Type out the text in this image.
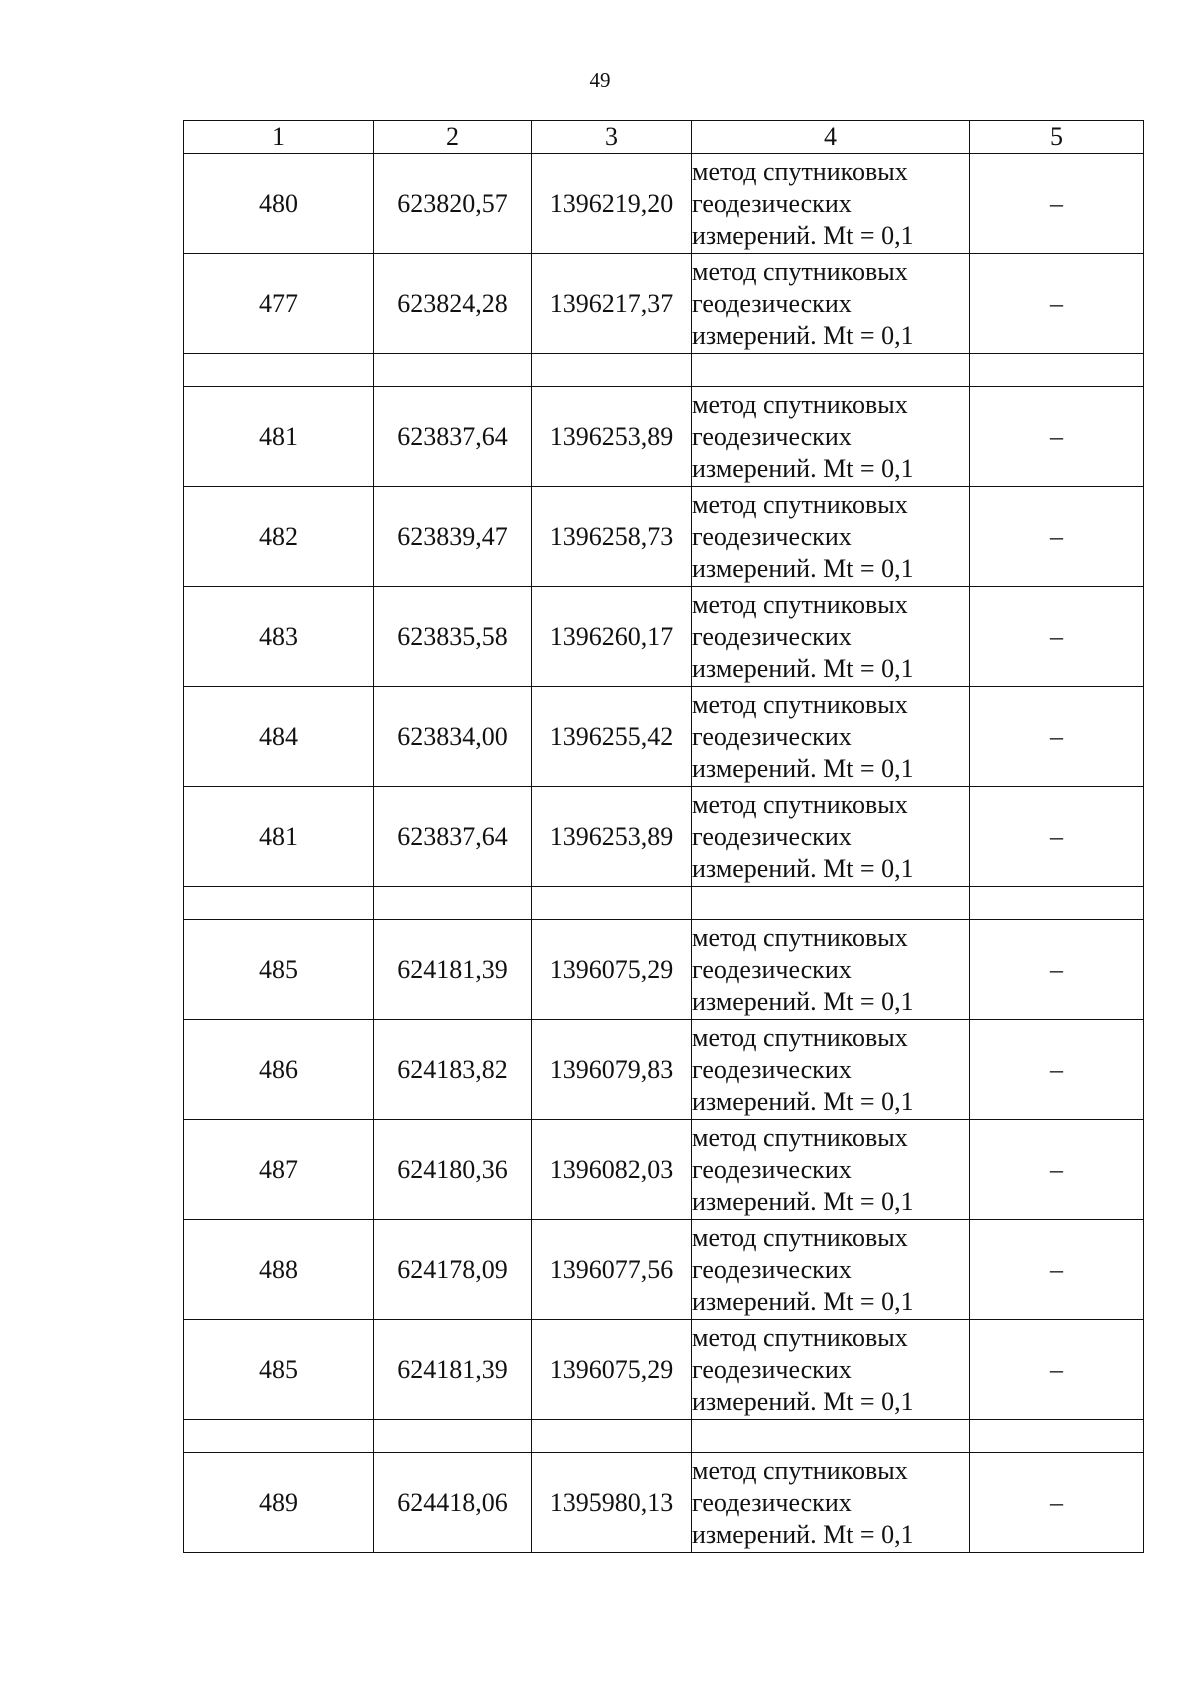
49
1	2	3	4	5
480	623820,57	1396219,20	метод спутниковых
геодезических
измерений. Mt = 0,1	–
477	623824,28	1396217,37	метод спутниковых
геодезических
измерений. Mt = 0,1	–

481	623837,64	1396253,89	метод спутниковых
геодезических
измерений. Mt = 0,1	–
482	623839,47	1396258,73	метод спутниковых
геодезических
измерений. Mt = 0,1	–
483	623835,58	1396260,17	метод спутниковых
геодезических
измерений. Mt = 0,1	–
484	623834,00	1396255,42	метод спутниковых
геодезических
измерений. Mt = 0,1	–
481	623837,64	1396253,89	метод спутниковых
геодезических
измерений. Mt = 0,1	–

485	624181,39	1396075,29	метод спутниковых
геодезических
измерений. Mt = 0,1	–
486	624183,82	1396079,83	метод спутниковых
геодезических
измерений. Mt = 0,1	–
487	624180,36	1396082,03	метод спутниковых
геодезических
измерений. Mt = 0,1	–
488	624178,09	1396077,56	метод спутниковых
геодезических
измерений. Mt = 0,1	–
485	624181,39	1396075,29	метод спутниковых
геодезических
измерений. Mt = 0,1	–

489	624418,06	1395980,13	метод спутниковых
геодезических
измерений. Mt = 0,1	–
